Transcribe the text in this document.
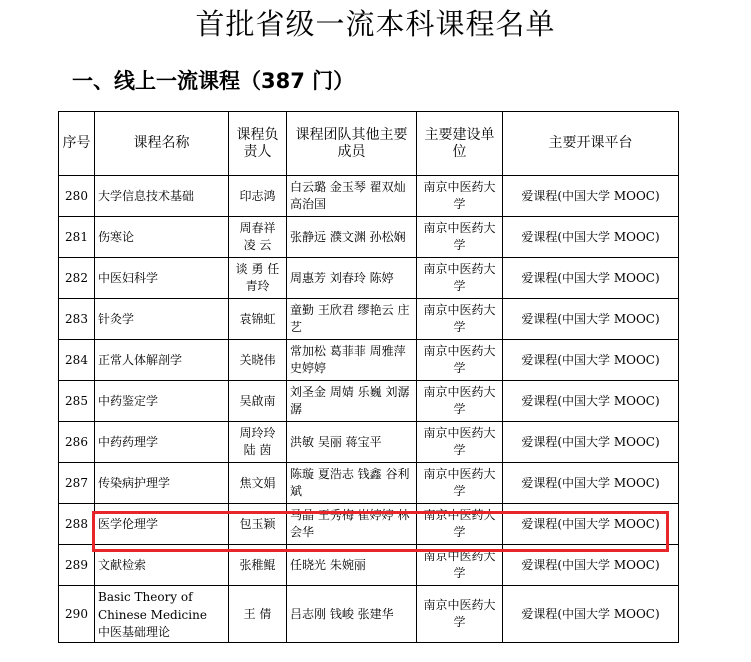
首批省级一流本科课程名单
一、线上一流课程（387 门）
序号	课程名称	课程负责人	课程团队其他主要成员	主要建设单位	主要开课平台
280	大学信息技术基础	印志鸿	白云璐 金玉琴 翟双灿 高治国	南京中医药大学	爱课程(中国大学 MOOC)
281	伤寒论	周春祥 凌 云	张静远 濮文渊 孙松娴	南京中医药大学	爱课程(中国大学 MOOC)
282	中医妇科学	谈 勇 任青玲	周惠芳 刘春玲 陈婷	南京中医药大学	爱课程(中国大学 MOOC)
283	针灸学	袁锦虹	童勤 王欣君 缪艳云 庄艺	南京中医药大学	爱课程(中国大学 MOOC)
284	正常人体解剖学	关晓伟	常加松 葛菲菲 周雅萍 史婷婷	南京中医药大学	爱课程(中国大学 MOOC)
285	中药鉴定学	吴啟南	刘圣金 周婧 乐巍 刘潺潺	南京中医药大学	爱课程(中国大学 MOOC)
286	中药药理学	周玲玲 陆 茵	洪敏 吴丽 蒋宝平	南京中医药大学	爱课程(中国大学 MOOC)
287	传染病护理学	焦文娟	陈璇 夏浩志 钱鑫 谷利斌	南京中医药大学	爱课程(中国大学 MOOC)
288	医学伦理学	包玉颖	马晶 王秀梅 崔婷婷 林会华	南京中医药大学	爱课程(中国大学 MOOC)
289	文献检索	张稚鲲	任晓光 朱婉丽	南京中医药大学	爱课程(中国大学 MOOC)
290	Basic Theory of
Chinese Medicine
中医基础理论	王 倩	吕志刚 钱峻 张建华	南京中医药大学	爱课程(中国大学 MOOC)
